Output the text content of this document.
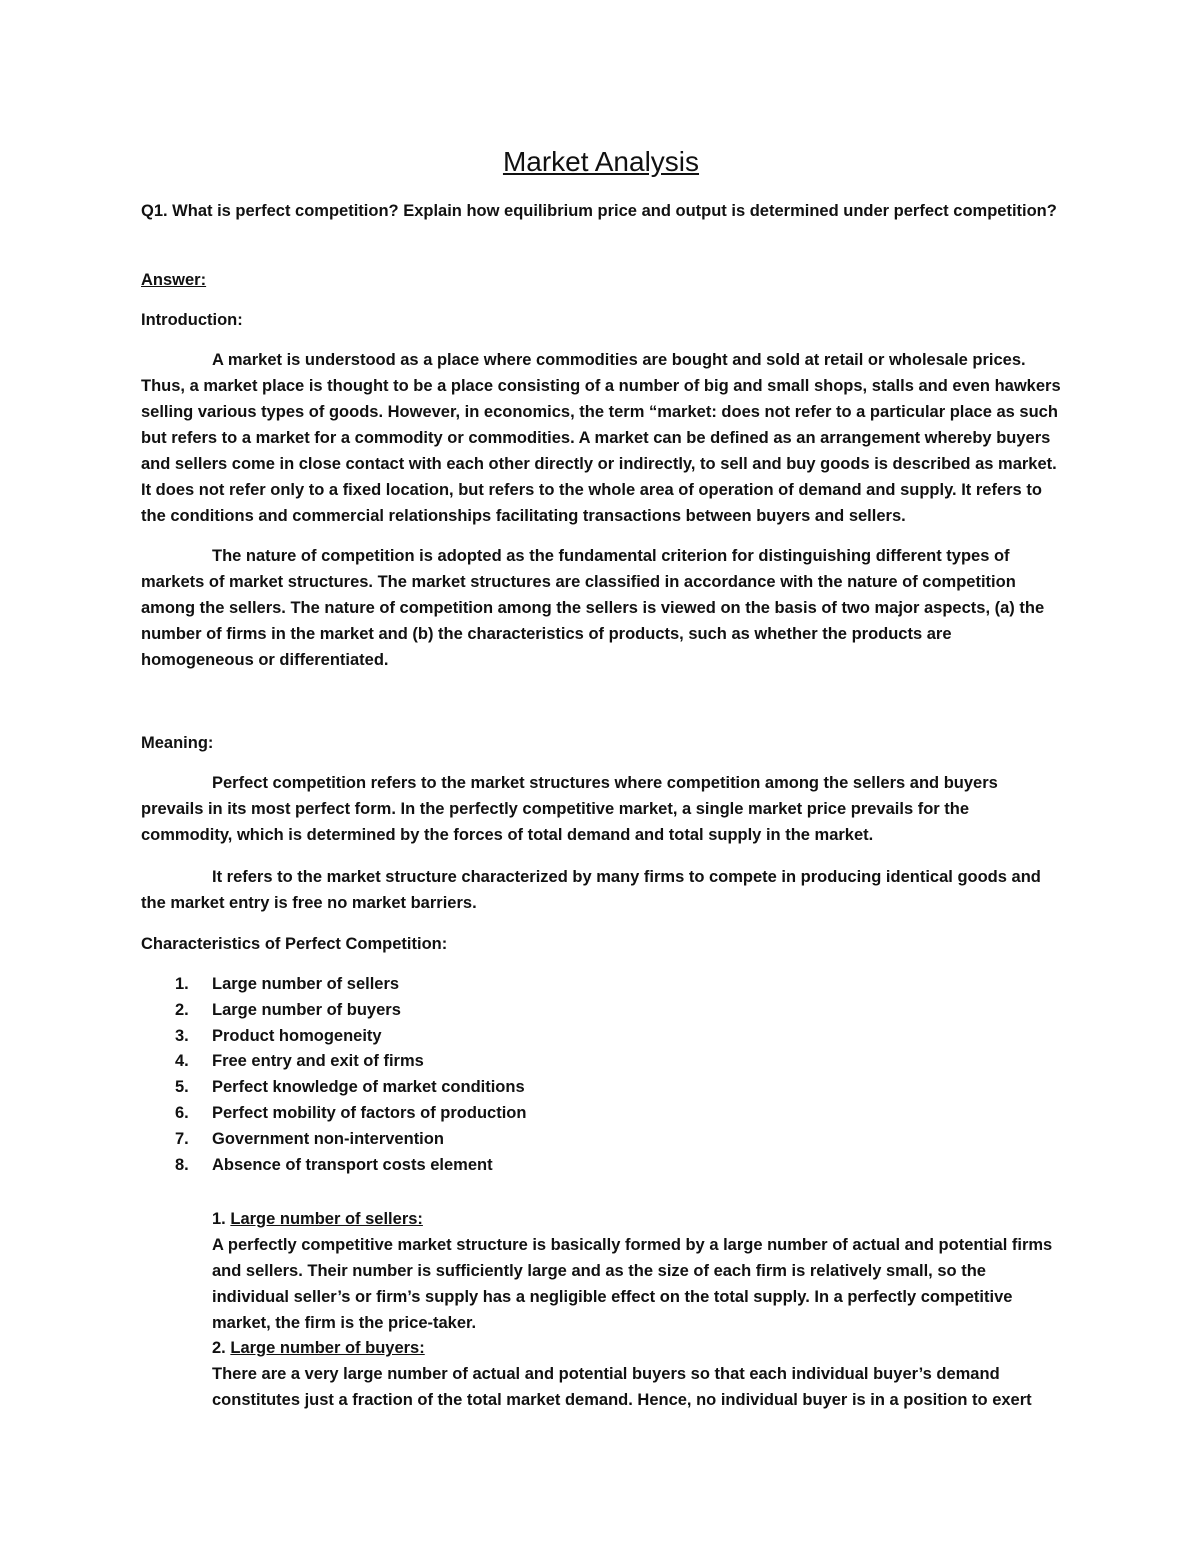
Market Analysis

Q1. What is perfect competition? Explain how equilibrium price and output is determined under perfect competition?

Answer:

Introduction:

A market is understood as a place where commodities are bought and sold at retail or wholesale prices. Thus, a market place is thought to be a place consisting of a number of big and small shops, stalls and even hawkers selling various types of goods. However, in economics, the term “market: does not refer to a particular place as such but refers to a market for a commodity or commodities. A market can be defined as an arrangement whereby buyers and sellers come in close contact with each other directly or indirectly, to sell and buy goods is described as market. It does not refer only to a fixed location, but refers to the whole area of operation of demand and supply. It refers to the conditions and commercial relationships facilitating transactions between buyers and sellers.

The nature of competition is adopted as the fundamental criterion for distinguishing different types of markets of market structures. The market structures are classified in accordance with the nature of competition among the sellers. The nature of competition among the sellers is viewed on the basis of two major aspects, (a) the number of firms in the market and (b) the characteristics of products, such as whether the products are homogeneous or differentiated.

Meaning:

Perfect competition refers to the market structures where competition among the sellers and buyers prevails in its most perfect form. In the perfectly competitive market, a single market price prevails for the commodity, which is determined by the forces of total demand and total supply in the market.

It refers to the market structure characterized by many firms to compete in producing identical goods and the market entry is free no market barriers.

Characteristics of Perfect Competition:

1. Large number of sellers
2. Large number of buyers
3. Product homogeneity
4. Free entry and exit of firms
5. Perfect knowledge of market conditions
6. Perfect mobility of factors of production
7. Government non-intervention
8. Absence of transport costs element
1. Large number of sellers:
A perfectly competitive market structure is basically formed by a large number of actual and potential firms and sellers. Their number is sufficiently large and as the size of each firm is relatively small, so the individual seller’s or firm’s supply has a negligible effect on the total supply. In a perfectly competitive market, the firm is the price-taker.
2. Large number of buyers:
There are a very large number of actual and potential buyers so that each individual buyer’s demand constitutes just a fraction of the total market demand. Hence, no individual buyer is in a position to exert
